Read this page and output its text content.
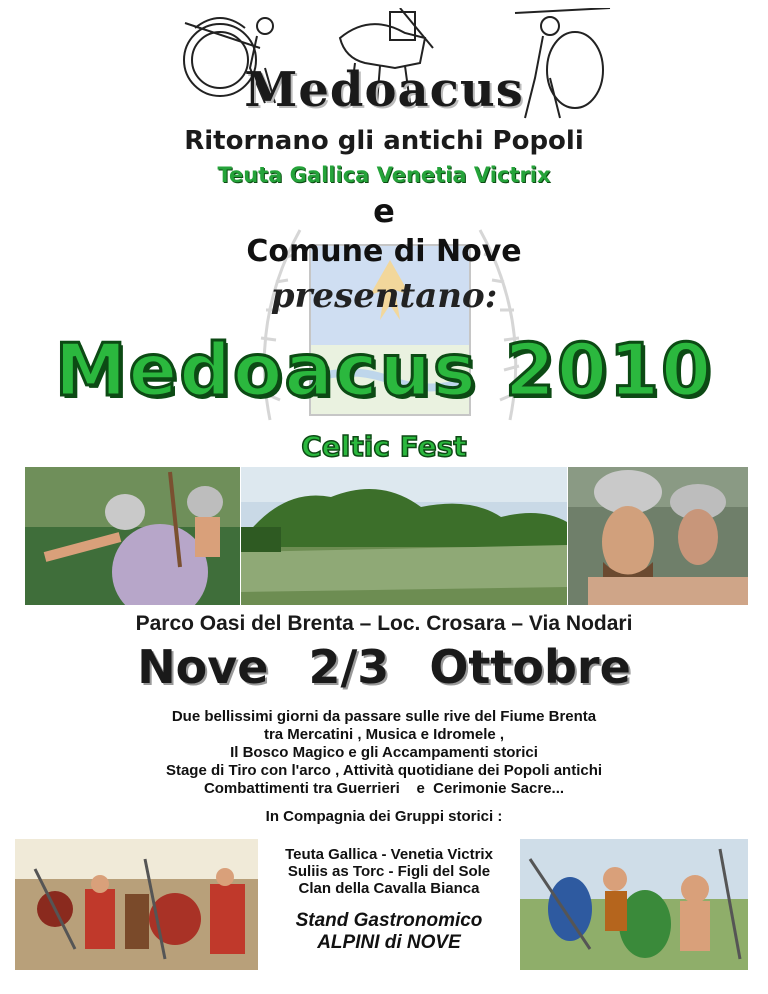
Medoacus
Ritornano gli antichi Popoli
Teuta Gallica Venetia Victrix
e
Comune di Nove
presentano:
Medoacus 2010
Celtic Fest
Parco Oasi del Brenta – Loc. Crosara – Via Nodari
Nove 2/3 Ottobre
Due bellissimi giorni da passare sulle rive del Fiume Brenta
tra Mercatini , Musica e Idromele ,
Il Bosco Magico e gli Accampamenti storici
Stage di Tiro con l'arco , Attività quotidiane dei Popoli antichi
Combattimenti tra Guerrieri    e  Cerimonie Sacre...
In Compagnia dei Gruppi storici :
Teuta Gallica - Venetia Victrix
Suliis as Torc - Figli del Sole
Clan della Cavalla Bianca
Stand Gastronomico
ALPINI di NOVE
